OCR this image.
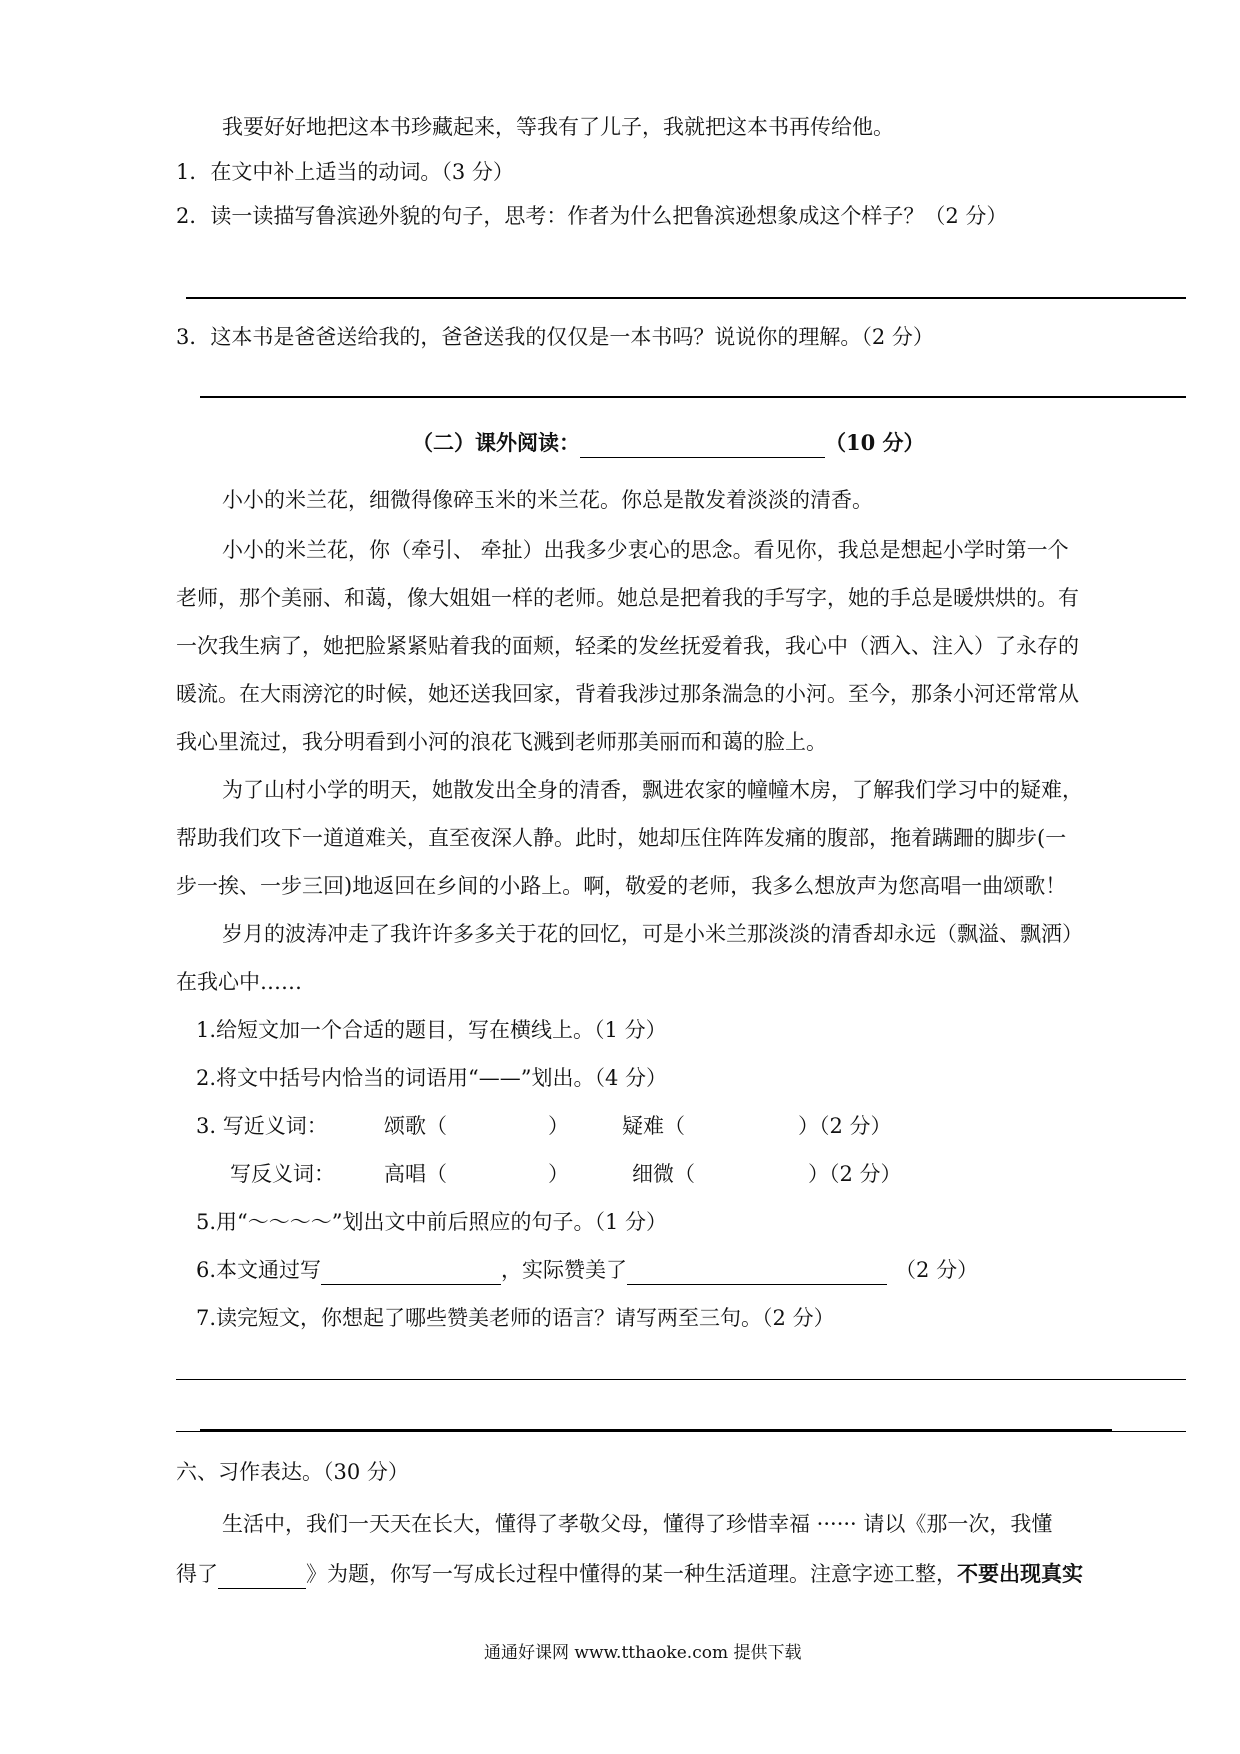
我要好好地把这本书珍藏起来，等我有了儿子，我就把这本书再传给他。
1．在文中补上适当的动词。（3 分）
2．读一读描写鲁滨逊外貌的句子，思考：作者为什么把鲁滨逊想象成这个样子？（2 分）
3．这本书是爸爸送给我的，爸爸送我的仅仅是一本书吗？说说你的理解。（2 分）
（二）课外阅读：	（10 分）
小小的米兰花，细微得像碎玉米的米兰花。你总是散发着淡淡的清香。
小小的米兰花，你（牵引、 牵扯）出我多少衷心的思念。看见你，我总是想起小学时第一个
老师，那个美丽、和蔼，像大姐姐一样的老师。她总是把着我的手写字，她的手总是暖烘烘的。有
一次我生病了，她把脸紧紧贴着我的面颊，轻柔的发丝抚爱着我，我心中（洒入、注入）了永存的
暖流。在大雨滂沱的时候，她还送我回家，背着我涉过那条湍急的小河。至今，那条小河还常常从
我心里流过，我分明看到小河的浪花飞溅到老师那美丽而和蔼的脸上。
为了山村小学的明天，她散发出全身的清香，飘进农家的幢幢木房，了解我们学习中的疑难，
帮助我们攻下一道道难关，直至夜深人静。此时，她却压住阵阵发痛的腹部，拖着蹒跚的脚步(一
步一挨、一步三回)地返回在乡间的小路上。啊，敬爱的老师，我多么想放声为您高唱一曲颂歌！
岁月的波涛冲走了我许许多多关于花的回忆，可是小米兰那淡淡的清香却永远（飘溢、飘洒）
在我心中……
1.给短文加一个合适的题目，写在横线上。（1 分）
2.将文中括号内恰当的词语用“——”划出。（4 分）
3. 写近义词：	颂歌（	）	疑难（	）（2 分）
写反义词： 高唱（	）	细微（	）（2 分）
5.用“～～～～”划出文中前后照应的句子。（1 分）
6.本文通过写	，实际赞美了	（2 分）
7.读完短文，你想起了哪些赞美老师的语言？请写两至三句。（2 分）
六、习作表达。（30 分）
生活中，我们一天天在长大，懂得了孝敬父母，懂得了珍惜幸福 ······ 请以《那一次，我懂
得了	》为题，你写一写成长过程中懂得的某一种生活道理。注意字迹工整，不要出现真实
通通好课网 www.tthaoke.com 提供下载
